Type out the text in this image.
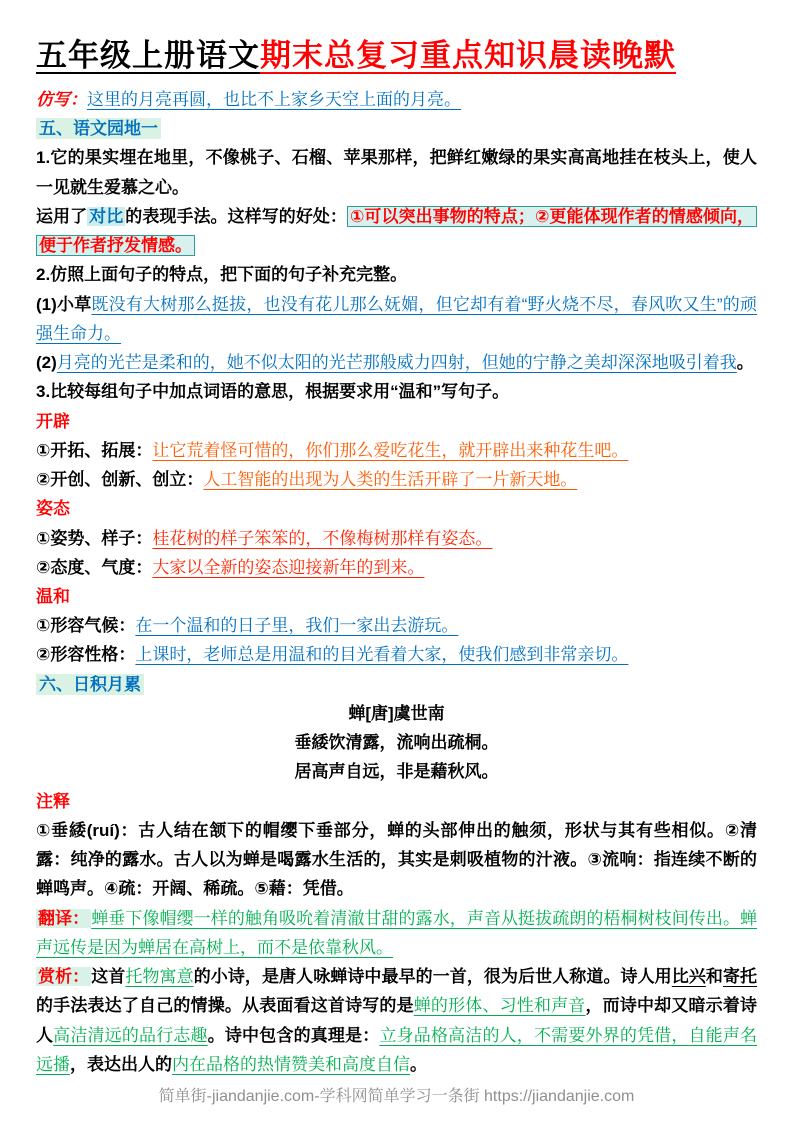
五年级上册语文期末总复习重点知识晨读晚默
仿写：这里的月亮再圆，也比不上家乡天空上面的月亮。
五、语文园地一
1.它的果实埋在地里，不像桃子、石榴、苹果那样，把鲜红嫩绿的果实高高地挂在枝头上，使人一见就生爱慕之心。
运用了 对比 的表现手法。这样写的好处： ①可以突出事物的特点；②更能体现作者的情感倾向，便于作者抒发情感。
2.仿照上面句子的特点，把下面的句子补充完整。
(1)小草既没有大树那么挺拔，也没有花儿那么妩媚，但它却有着“野火烧不尽，春风吹又生”的顽强生命力。
(2)月亮的光芒是柔和的，她不似太阳的光芒那般威力四射，但她的宁静之美却深深地吸引着我。
3.比较每组句子中加点词语的意思，根据要求用“温和”写句子。
开辟
①开拓、拓展：让它荒着怪可惜的，你们那么爱吃花生，就开辟出来种花生吧。
②开创、创新、创立：人工智能的出现为人类的生活开辟了一片新天地。
姿态
①姿势、样子：桂花树的样子笨笨的，不像梅树那样有姿态。
②态度、气度：大家以全新的姿态迎接新年的到来。
温和
①形容气候：在一个温和的日子里，我们一家出去游玩。
②形容性格：上课时，老师总是用温和的目光看着大家，使我们感到非常亲切。
六、日积月累
蝉[唐]虞世南
垂緌饮清露，流响出疏桐。
居高声自远，非是藉秋风。
注释
①垂緌(ruí)：古人结在颔下的帽缨下垂部分，蝉的头部伸出的触须，形状与其有些相似。②清露：纯净的露水。古人以为蝉是喝露水生活的，其实是刺吸植物的汁液。③流响：指连续不断的蝉鸣声。④疏：开阔、稀疏。⑤藉：凭借。
翻译： 蝉垂下像帽缨一样的触角吸吮着清澈甘甜的露水，声音从挺拔疏朗的梧桐树枝间传出。蝉声远传是因为蝉居在高树上，而不是依靠秋风。
赏析： 这首托物寓意的小诗，是唐人咏蝉诗中最早的一首，很为后世人称道。诗人用比兴和寄托的手法表达了自己的情操。从表面看这首诗写的是蝉的形体、习性和声音，而诗中却又暗示着诗人高洁清远的品行志趣。诗中包含的真理是：立身品格高洁的人，不需要外界的凭借，自能声名远播，表达出人的内在品格的热情赞美和高度自信。
简单街-jiandanjie.com-学科网简单学习一条街 https://jiandanjie.com
